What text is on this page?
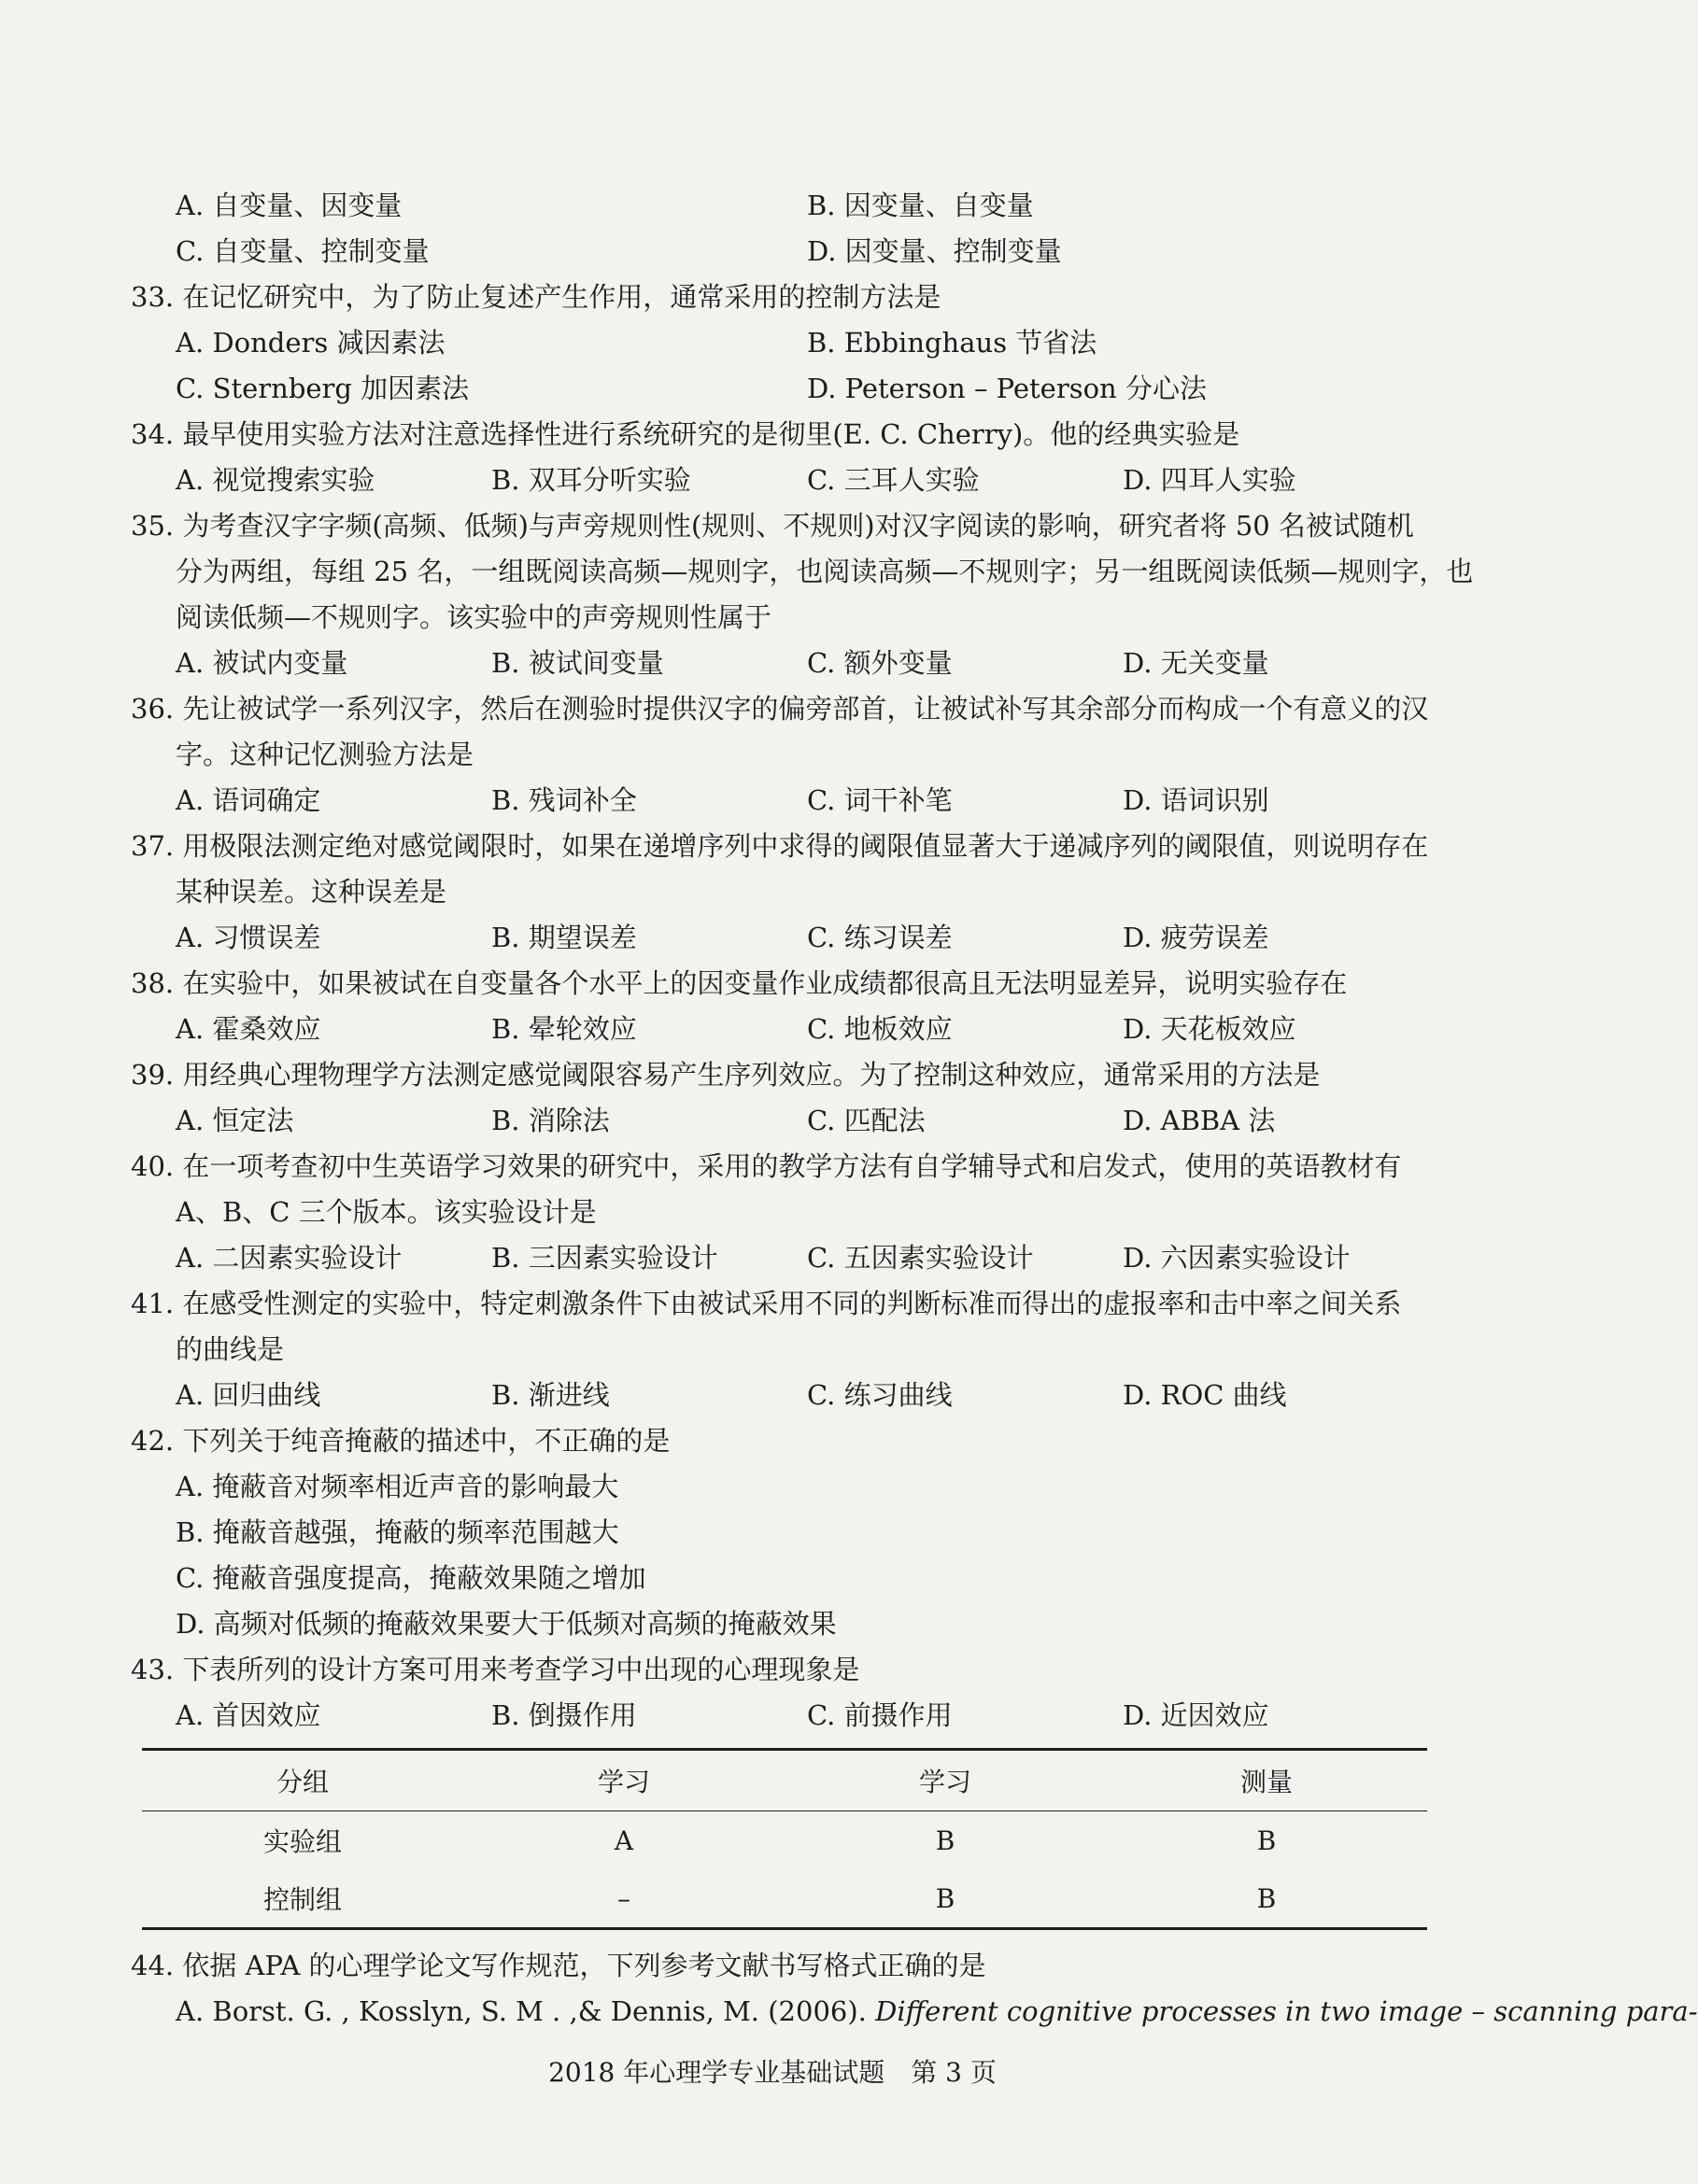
A. 自变量、因变量	B. 因变量、自变量
C. 自变量、控制变量	D. 因变量、控制变量
33. 在记忆研究中，为了防止复述产生作用，通常采用的控制方法是
A. Donders 减因素法	B. Ebbinghaus 节省法
C. Sternberg 加因素法	D. Peterson – Peterson 分心法
34. 最早使用实验方法对注意选择性进行系统研究的是彻里(E. C. Cherry)。他的经典实验是
A. 视觉搜索实验	B. 双耳分听实验	C. 三耳人实验	D. 四耳人实验
35. 为考查汉字字频(高频、低频)与声旁规则性(规则、不规则)对汉字阅读的影响，研究者将 50 名被试随机
分为两组，每组 25 名，一组既阅读高频—规则字，也阅读高频—不规则字；另一组既阅读低频—规则字，也
阅读低频—不规则字。该实验中的声旁规则性属于
A. 被试内变量	B. 被试间变量	C. 额外变量	D. 无关变量
36. 先让被试学一系列汉字，然后在测验时提供汉字的偏旁部首，让被试补写其余部分而构成一个有意义的汉
字。这种记忆测验方法是
A. 语词确定	B. 残词补全	C. 词干补笔	D. 语词识别
37. 用极限法测定绝对感觉阈限时，如果在递增序列中求得的阈限值显著大于递减序列的阈限值，则说明存在
某种误差。这种误差是
A. 习惯误差	B. 期望误差	C. 练习误差	D. 疲劳误差
38. 在实验中，如果被试在自变量各个水平上的因变量作业成绩都很高且无法明显差异，说明实验存在
A. 霍桑效应	B. 晕轮效应	C. 地板效应	D. 天花板效应
39. 用经典心理物理学方法测定感觉阈限容易产生序列效应。为了控制这种效应，通常采用的方法是
A. 恒定法	B. 消除法	C. 匹配法	D. ABBA 法
40. 在一项考查初中生英语学习效果的研究中，采用的教学方法有自学辅导式和启发式，使用的英语教材有
A、B、C 三个版本。该实验设计是
A. 二因素实验设计	B. 三因素实验设计	C. 五因素实验设计	D. 六因素实验设计
41. 在感受性测定的实验中，特定刺激条件下由被试采用不同的判断标准而得出的虚报率和击中率之间关系
的曲线是
A. 回归曲线	B. 渐进线	C. 练习曲线	D. ROC 曲线
42. 下列关于纯音掩蔽的描述中，不正确的是
A. 掩蔽音对频率相近声音的影响最大
B. 掩蔽音越强，掩蔽的频率范围越大
C. 掩蔽音强度提高，掩蔽效果随之增加
D. 高频对低频的掩蔽效果要大于低频对高频的掩蔽效果
43. 下表所列的设计方案可用来考查学习中出现的心理现象是
A. 首因效应	B. 倒摄作用	C. 前摄作用	D. 近因效应
分组	学习	学习	测量
实验组	A	B	B
控制组	–	B	B
44. 依据 APA 的心理学论文写作规范，下列参考文献书写格式正确的是
A. Borst. G. , Kosslyn, S. M . ,& Dennis, M. (2006). Different cognitive processes in two image – scanning para-
2018 年心理学专业基础试题　第 3 页
